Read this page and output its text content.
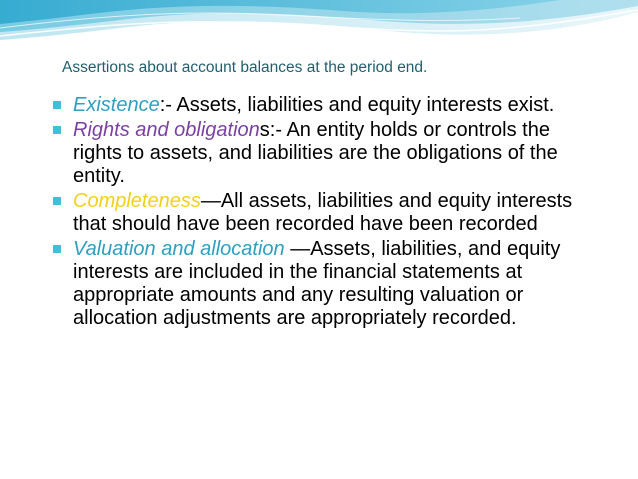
Assertions about account balances at the period end.
Existence:- Assets, liabilities and equity interests exist.
Rights and obligations:- An entity holds or controls the rights to assets, and liabilities are the obligations of the entity.
Completeness—All assets, liabilities and equity interests that should have been recorded have been recorded
Valuation and allocation —Assets, liabilities, and equity interests are included in the financial statements at appropriate amounts and any resulting valuation or allocation adjustments are appropriately recorded.
